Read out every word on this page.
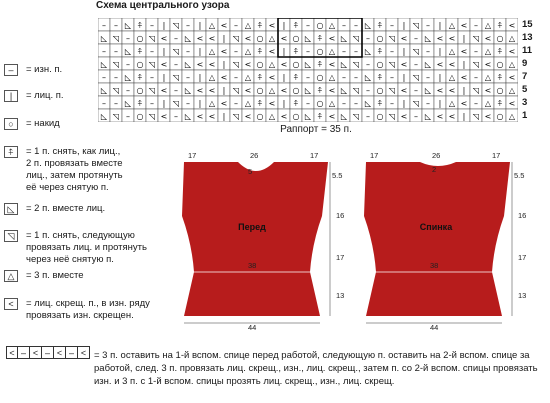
Схема центрального узора
– – ◺ ⍏ – | ◹ – | △ < – △ ⍏ < | ⍏ – ○ △ – – ◺ ⍏ – | ◹ – | △ < – △ ⍏ <
◺ ◹ – ○ ◹ < – ◺ < < | ◹ < ○ △ < ○ ◺ ⍏ < ◺ ◹ – ○ ◹ < – ◺ < < | ◹ < ○ △
– – ◺ ⍏ – | ◹ – | △ < – △ ⍏ < | ⍏ – ○ △ – – ◺ ⍏ – | ◹ – | △ < – △ ⍏ <
◺ ◹ – ○ ◹ < – ◺ < < | ◹ < ○ △ < ○ ◺ ⍏ < ◺ ◹ – ○ ◹ < – ◺ < < | ◹ < ○ △
– – ◺ ⍏ – | ◹ – | △ < – △ ⍏ < | ⍏ – ○ △ – – ◺ ⍏ – | ◹ – | △ < – △ ⍏ <
◺ ◹ – ○ ◹ < – ◺ < < | ◹ < ○ △ < ○ ◺ ⍏ < ◺ ◹ – ○ ◹ < – ◺ < < | ◹ < ○ △
– – ◺ ⍏ – | ◹ – | △ < – △ ⍏ < | ⍏ – ○ △ – – ◺ ⍏ – | ◹ – | △ < – △ ⍏ <
◺ ◹ – ○ ◹ < – ◺ < < | ◹ < ○ △ < ○ ◺ ⍏ < ◺ ◹ – ○ ◹ < – ◺ < < | ◹ < ○ △
Раппорт = 35 п.
–	= изн. п.
|	= лиц. п.
○	= накид
⍏	= 1 п. снять, как лиц.,
2 п. провязать вместе
лиц., затем протянуть
её через снятую п.
◺	= 2 п. вместе лиц.
◹	= 1 п. снять, следующую
провязать лиц. и протянуть
через неё снятую п.
△	= 3 п. вместе
<	= лиц. скрещ. п., в изн. ряду
провязать изн. скрещен.
< – < – < – < = 3 п. оставить на 1-й вспом. спице перед работой, следующую п. оставить на 2-й вспом. спице за работой, след. 3 п. провязать лиц. скрещ., изн., лиц. скрещ., затем п. со 2-й вспом. спицы провязать изн. и 3 п. с 1-й вспом. спицы прозять лиц. скрещ., изн., лиц. скрещ.
Перед
17	26	17
5	5.5
16
38
17
13
44
Спинка
17	26	17
2
5.5
16
38
17
13
44
15
13
11
9
7
5
3
1
